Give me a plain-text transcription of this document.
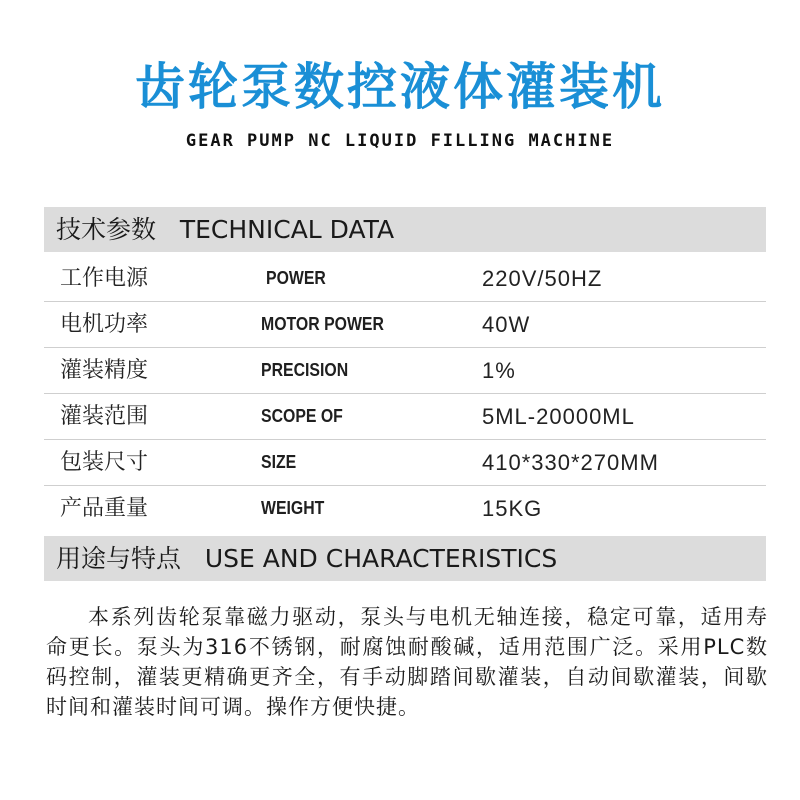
齿轮泵数控液体灌装机
GEAR PUMP NC LIQUID FILLING MACHINE
技术参数   TECHNICAL DATA
工作电源	POWER	220V/50HZ
电机功率	MOTOR POWER	40W
灌装精度	PRECISION	1%
灌装范围	SCOPE OF	5ML-20000ML
包装尺寸	SIZE	410*330*270MM
产品重量	WEIGHT	15KG
用途与特点   USE AND CHARACTERISTICS
本系列齿轮泵靠磁力驱动，泵头与电机无轴连接，稳定可靠，适用寿命更长。泵头为316不锈钢，耐腐蚀耐酸碱，适用范围广泛。采用PLC数码控制，灌装更精确更齐全，有手动脚踏间歇灌装，自动间歇灌装，间歇时间和灌装时间可调。操作方便快捷。
